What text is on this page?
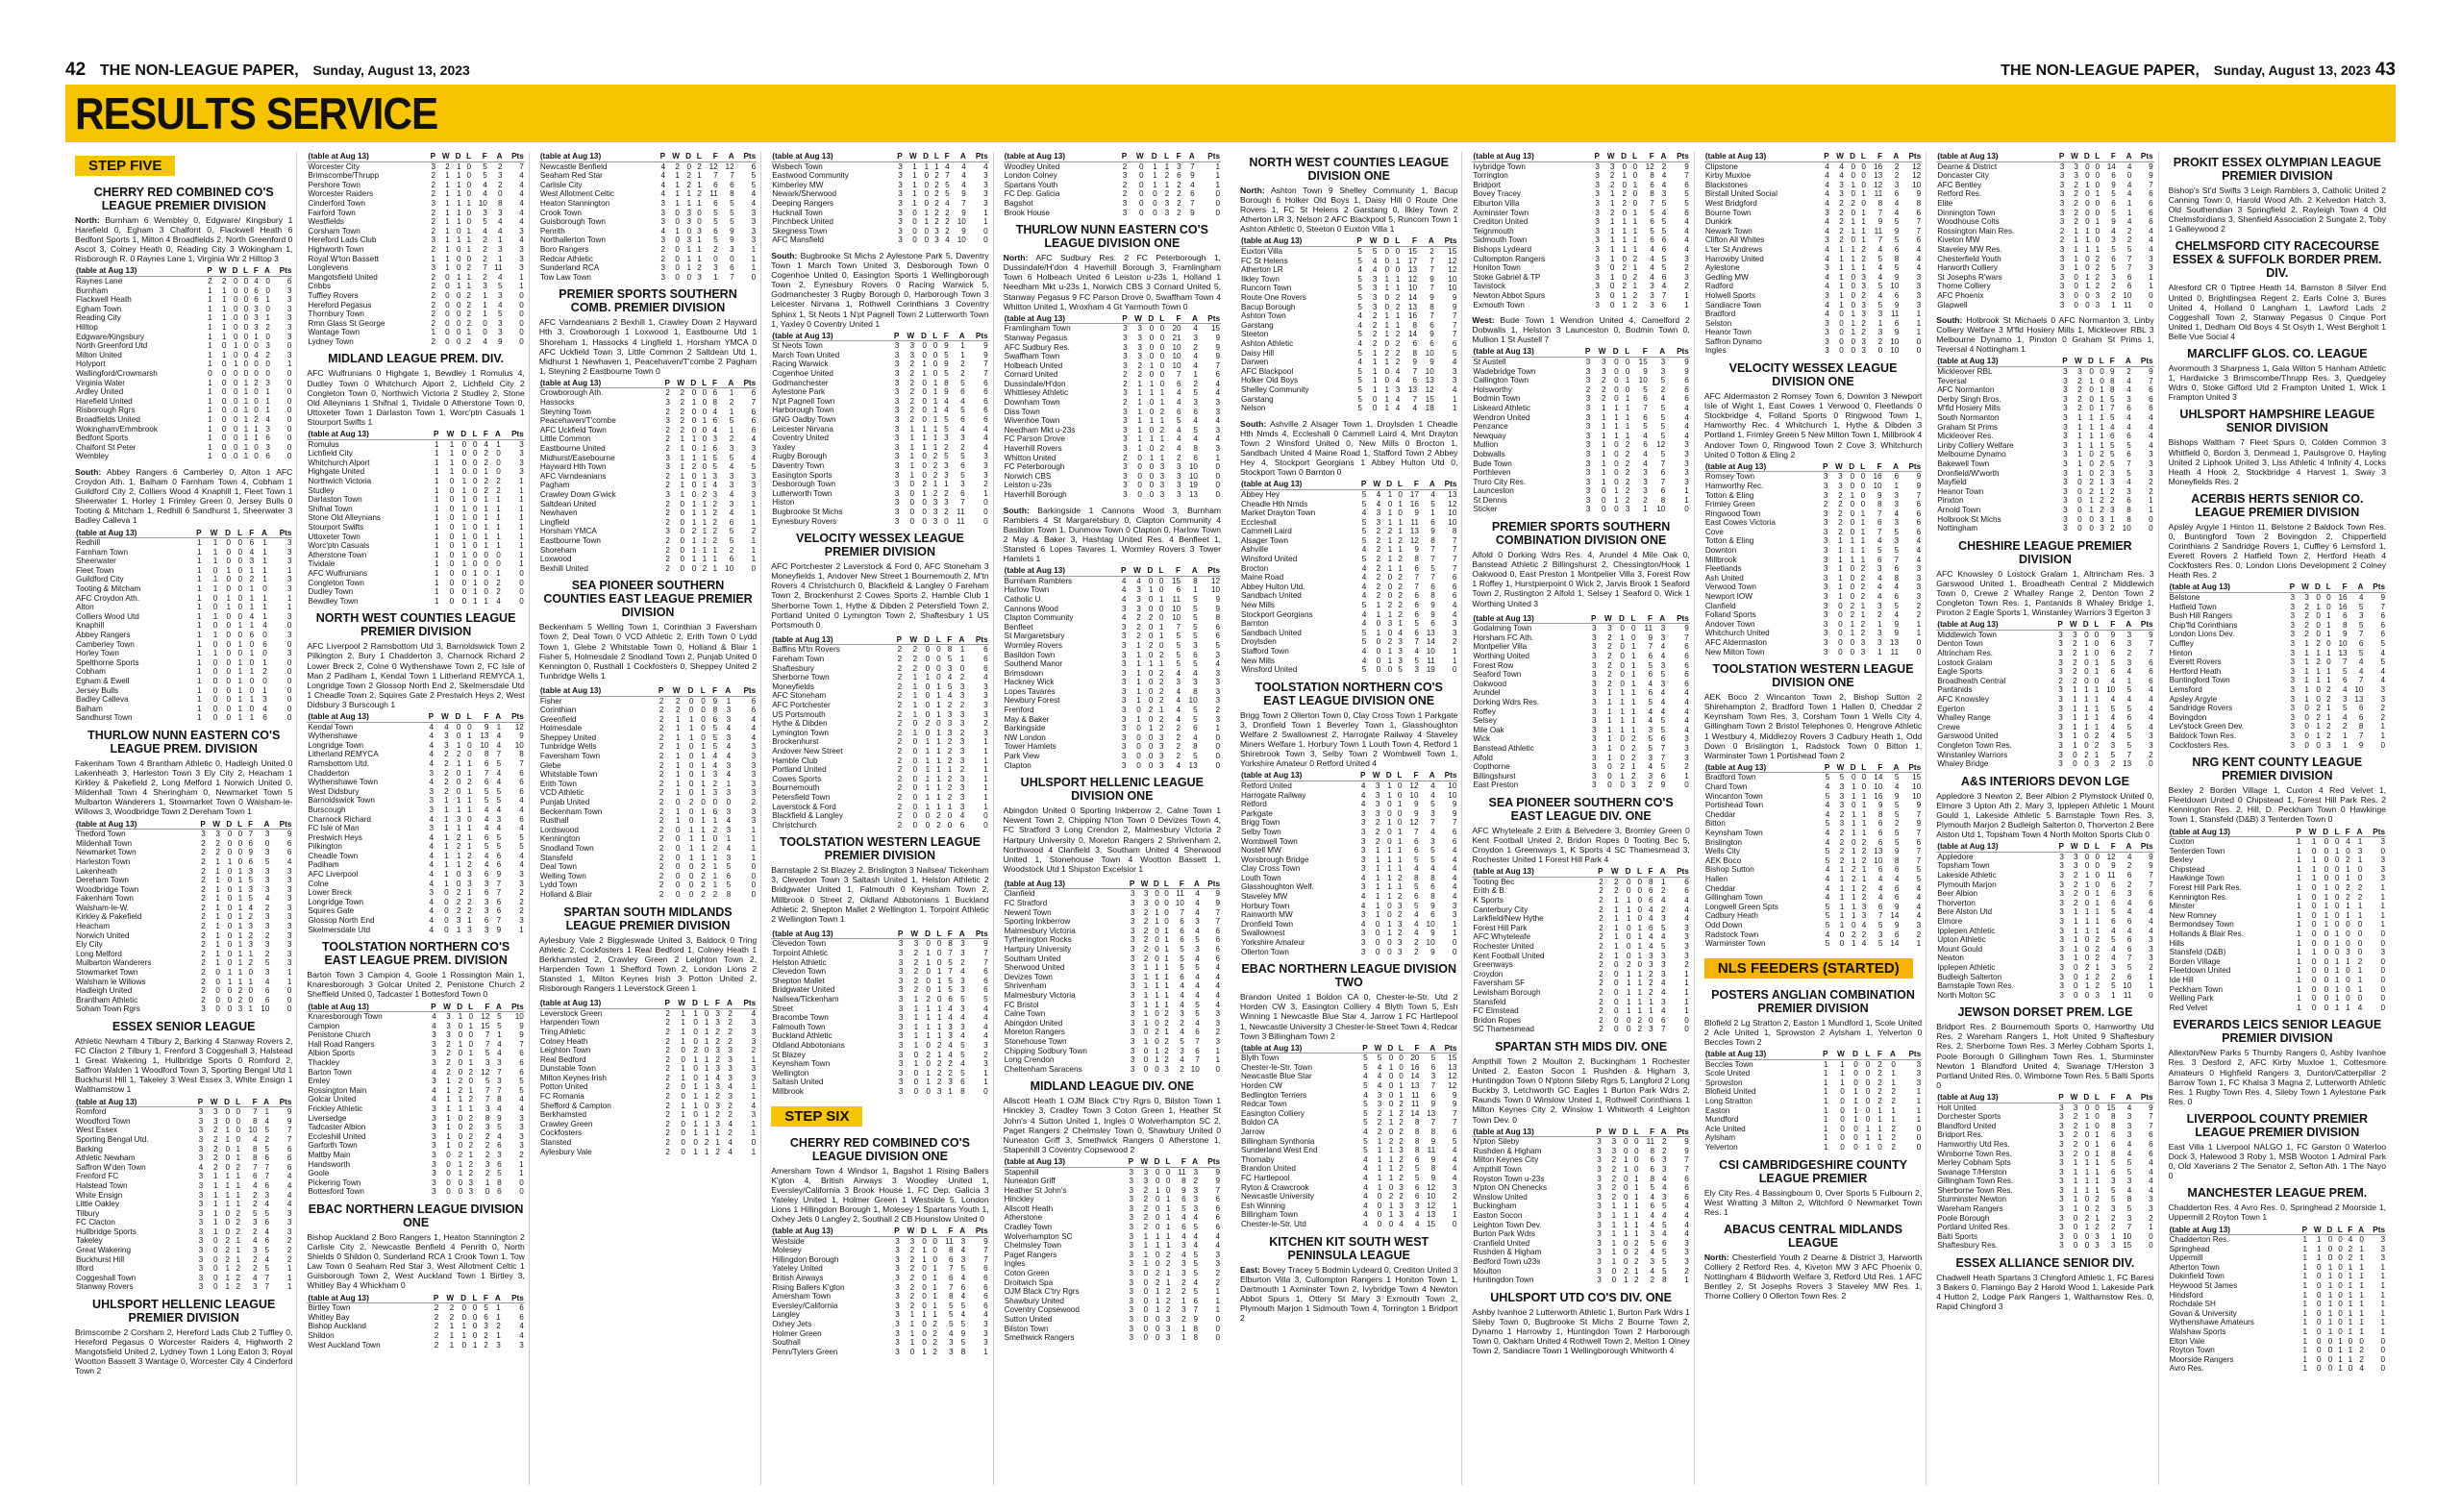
42 THE NON-LEAGUE PAPER, Sunday, August 13, 2023
RESULTS SERVICE
STEP FIVE
CHERRY RED COMBINED CO'S LEAGUE PREMIER DIVISION

North: Burnham 6 Wembley 0, Edgware/ Kingsbury 1 Harefield 0, Egham 3 Chalfont 0, Flackwell Heath 6 Bedfont Sports 1, Milton 4 Broadfields 2, North Greenford 0 Ascot 3, Colney Heath 0, Reading City 3 Wokingham 1, Risborough R. 0 Raynes Lane 1, Virginia Wtr 2 Hilltop 3

(table at Aug 13)	P	W	D	L	F	A	Pts
Raynes Lane	2	2	0	0	4	0	6
Burnham	1	1	0	0	6	0	3
Flackwell Heath	1	1	0	0	6	1	3
Egham Town	1	1	0	0	3	0	3
Reading City	1	1	0	0	3	1	3
Hilltop	1	1	0	0	3	2	3
Edgware/Kingsbury	1	1	0	0	1	0	3
North Greenford Utd	1	0	1	0	0	3	0
Milton United	1	1	0	0	4	2	3
Holyport	1	0	1	0	0	0	1
Wallingford/Crowmarsh	0	0	0	0	0	0	0
Virginia Water	1	0	0	1	2	3	0
Ardley United	1	0	0	1	0	1	0
Harefield United	1	0	0	1	0	1	0
Risborough Rgrs	1	0	0	1	0	1	0
Broadfields United	1	0	0	1	2	4	0
Wokingham/Emmbrook	1	0	0	1	1	3	0
Bedfont Sports	1	0	0	1	1	6	0
Chalfont St Peter	1	0	0	1	0	3	0
Wembley	1	0	0	1	0	6	0

South: Abbey Rangers 6 Camberley 0, Alton 1 AFC Croydon Ath. 1, Balham 0 Farnham Town 4, Cobham 1 Guildford City 2, Colliers Wood 4 Knaphill 1, Fleet Town 1 Sheerwater 1, Horley 1 Frimley Green 0, Jersey Bulls 0 Tooting & Mitcham 1, Redhill 6 Sandhurst 1, Sheerwater 3 Badley Calleva 1

(table at Aug 13)	P	W	D	L	F	A	Pts
Redhill	1	1	0	0	6	1	3
Farnham Town	1	1	0	0	4	1	3
Sheerwater	1	1	0	0	3	1	3
Fleet Town	1	0	1	0	1	1	1
Guildford City	1	1	0	0	2	1	3
Tooting & Mitcham	1	1	0	0	1	0	3
AFC Croydon Ath.	1	0	1	0	1	1	1
Alton	1	0	1	0	1	1	1
Colliers Wood Utd	1	1	0	0	4	1	3
Knaphill	1	0	0	1	1	4	0
Abbey Rangers	1	1	0	0	6	0	3
Camberley Town	1	0	0	1	0	6	0
Horley Town	1	1	0	0	1	0	3
Spelthorne Sports	1	0	0	1	0	1	0
Cobham	1	0	0	1	1	2	0
Egham & Ewell	1	0	0	1	0	0	0
Jersey Bulls	1	0	0	1	0	1	0
Badley Calleva	1	0	0	1	1	3	0
Balham	1	0	0	1	0	4	0
Sandhurst Town	1	0	0	1	1	6	0
THURLOW NUNN EASTERN CO'S LEAGUE PREM. DIVISION

Fakenham Town 4 Brantham Athletic 0, Hadleigh United 0 Lakenheath 3, Harleston Town 3 Ely City 2, Heacham 1 Kirkley & Pakefield 2, Long Melford 1 Norwich United 0, Mildenhall Town 4 Sheringham 0, Newmarket Town 5 Mulbarton Wanderers 1, Stowmarket Town 0 Walsham-le-Willows 3, Woodbridge Town 2 Dereham Town 1

(table at Aug 13)	P	W	D	L	F	A	Pts
Thetford Town	3	3	0	0	7	3	9
Mildenhall Town	2	2	0	0	6	0	6
Newmarket Town	2	2	0	0	9	3	6
Harleston Town	2	1	1	0	6	5	4
Lakenheath	2	1	0	1	3	3	3
Dereham Town	2	1	0	1	5	3	3
Woodbridge Town	2	1	0	1	3	3	3
Fakenham Town	2	1	0	1	5	4	3
Walsham-le-W.	2	1	0	1	4	2	3
Kirkley & Pakefield	2	1	0	1	2	3	3
Heacham	2	1	0	1	3	3	3
Norwich United	2	1	0	1	2	2	3
Ely City	2	1	0	1	3	3	3
Long Melford	2	1	0	1	1	2	3
Mulbarton Wanderers	2	1	0	1	2	5	3
Stowmarket Town	2	0	1	1	0	3	1
Walsham le Willows	2	0	1	1	1	4	1
Hadleigh United	2	0	0	2	0	6	0
Brantham Athletic	2	0	0	2	0	6	0
Soham Town Rgrs	3	0	0	3	1	10	0
ESSEX SENIOR LEAGUE

Athletic Newham 4 Tilbury 2, Barking 4 Stanway Rovers 2, FC Clacton 2 Tilbury 1, Frenford 3 Coggeshall 3, Halstead 1 Great Wakering 1, Hullbridge Sports 0 Romford 2, Saffron Walden 1 Woodford Town 3, Sporting Bengal Utd 1 Buckhurst Hill 1, Takeley 3 West Essex 3, White Ensign 1 Walthamstow 1

(table at Aug 13)	P	W	D	L	F	A	Pts
Romford	3	3	0	0	7	1	9
Woodford Town	3	3	0	0	8	4	9
West Essex	3	2	1	0	10	5	7
Sporting Bengal Utd.	3	2	1	0	4	2	7
Barking	3	2	0	1	8	5	6
Athletic Newham	3	2	0	1	8	6	6
Saffron W'den Town	4	2	0	2	7	7	6
Frenford FC	3	1	1	1	6	7	4
Halstead Town	3	1	1	1	4	6	4
White Ensign	3	1	1	1	2	3	4
Little Oakley	3	1	1	1	2	4	4
Tilbury	3	1	0	2	5	5	3
FC Clacton	3	1	0	2	3	6	3
Hullbridge Sports	3	1	0	2	2	4	3
Takeley	3	0	2	1	4	6	2
Great Wakering	3	0	2	1	3	5	2
Buckhurst Hill	3	0	2	1	2	4	2
Ilford	3	0	1	2	2	5	1
Coggeshall Town	3	0	1	2	4	7	1
Stanway Rovers	3	0	1	2	3	7	1
UHLSPORT HELLENIC LEAGUE PREMIER DIVISION

Brimscombe 2 Corsham 2, Hereford Lads Club 2 Tuffley 0, Hereford Pegasus 0 Worcester Raiders 4, Highworth 2 Mangotsfield United 2, Lydney Town 1 Long Eaton 3, Royal Wootton Bassett 3 Wantage 0, Worcester City 4 Cinderford Town 2

(table at Aug 13)	P	W	D	L	F	A	Pts
Worcester City	3	2	1	0	5	2	7
Brimscombe/Thrupp	2	1	1	0	5	3	4
Pershore Town	2	1	1	0	4	2	4
Worcester Raiders	2	1	1	0	4	0	4
Cinderford Town	3	1	1	1	10	8	4
Fairford Town	2	1	1	0	3	3	4
Westfields	2	1	1	0	5	4	4
Corsham Town	2	1	0	1	4	4	3
Hereford Lads Club	3	1	1	1	2	1	4
Highworth Town	2	1	0	1	2	3	3
Royal W'ton Bassett	1	1	0	0	2	1	3
Longlevens	3	1	0	2	7	11	3
Mangotsfield United	2	0	1	1	2	4	1
Cribbs	2	0	1	1	3	5	1
Tuffley Rovers	2	0	0	2	1	3	0
Hereford Pegasus	2	0	0	2	1	4	0
Thornbury Town	2	0	0	2	1	5	0
Rmn Glass St George	2	0	0	2	0	3	0
Wantage Town	1	0	0	1	0	3	0
Lydney Town	2	0	0	2	4	9	0
MIDLAND LEAGUE PREM. DIV.

AFC Wulfrunians 0 Highgate 1, Bewdley 1 Romulus 4, Dudley Town 0 Whitchurch Alport 2, Lichfield City 2 Congleton Town 0, Northwich Victoria 2 Studley 2, Stone Old Alleynians 1 Shifnal 1, Tividale 0 Atherstone Town 0, Uttoxeter Town 1 Darlaston Town 1, Worc'ptn Casuals 1 Stourport Swifts 1

(table at Aug 13)	P	W	D	L	F	A	Pts
Romulus	1	1	0	0	4	1	3
Lichfield City	1	1	0	0	2	0	3
Whitchurch Alport	1	1	0	0	2	0	3
Highgate United	1	1	0	0	1	0	3
Northwich Victoria	1	0	1	0	2	2	1
Studley	1	0	1	0	2	2	1
Darlaston Town	1	0	1	0	1	1	1
Shifnal Town	1	0	1	0	1	1	1
Stone Old Alleynians	1	0	1	0	1	1	1
Stourport Swifts	1	0	1	0	1	1	1
Uttoxeter Town	1	0	1	0	1	1	1
Worc'ptn Casuals	1	0	1	0	1	1	1
Atherstone Town	1	0	1	0	0	0	1
Tividale	1	0	1	0	0	0	1
AFC Wulfrunians	1	0	0	1	0	1	0
Congleton Town	1	0	0	1	0	2	0
Dudley Town	1	0	0	1	0	2	0
Bewdley Town	1	0	0	1	1	4	0
NORTH WEST COUNTIES LEAGUE PREMIER DIVISION

AFC Liverpool 2 Ramsbottom Utd 3, Barnoldswick Town 2 Pilkington 2, Bury 1 Chadderton 3, Charnock Richard 2 Lower Breck 2, Colne 0 Wythenshawe Town 2, FC Isle of Man 2 Padiham 1, Kendal Town 1 Litherland REMYCA 1, Longridge Town 2 Glossop North End 2, Skelmersdale Utd 1 Cheadle Town 2, Squires Gate 2 Prestwich Heys 2, West Didsbury 3 Burscough 1

(table at Aug 13)	P	W	D	L	F	A	Pts
Kendal Town	4	4	0	0	9	1	12
Wythenshawe	4	3	0	1	13	4	9
Longridge Town	4	3	1	0	10	4	10
Litherland REMYCA	4	2	2	0	8	7	8
Ramsbottom Utd.	4	2	1	1	6	5	7
Chadderton	3	2	0	1	7	4	6
Wythenshawe Town	4	2	0	2	6	4	6
West Didsbury	3	2	0	1	5	5	6
Barnoldswick Town	3	1	1	1	5	5	4
Burscough	3	1	1	1	4	4	4
Charnock Richard	4	1	3	0	4	3	6
FC Isle of Man	3	1	1	1	4	4	4
Prestwich Heys	4	1	2	1	6	5	5
Pilkington	4	1	2	1	5	5	5
Cheadle Town	4	1	1	2	4	6	4
Padiham	4	1	1	2	4	6	4
AFC Liverpool	4	1	0	3	6	9	3
Colne	4	1	0	3	3	7	3
Lower Breck	3	0	2	1	6	7	2
Longridge Town	4	0	2	2	3	6	2
Squires Gate	4	0	2	2	3	6	2
Glossop North End	4	0	3	1	6	7	3
Skelmersdale Utd	4	0	1	3	3	9	1
TOOLSTATION NORTHERN CO'S EAST LEAGUE PREM. DIVISION

Barton Town 3 Campion 4, Goole 1 Rossington Main 1, Knaresborough 3 Golcar United 2, Penistone Church 2 Sheffield United 0, Tadcaster 1 Bottesford Town 0

(table at Aug 13)	P	W	D	L	F	A	Pts
Knaresborough Town	4	3	1	0	12	5	10
Campion	4	3	0	1	15	5	9
Penistone Church	3	3	0	0	7	1	9
Hall Road Rangers	3	2	1	0	7	4	7
Albion Sports	3	2	0	1	5	4	6
Thackley	3	2	0	1	3	3	6
Barton Town	4	2	0	2	12	7	6
Emley	3	1	2	0	5	3	5
Rossington Main	4	1	2	1	7	7	5
Golcar United	4	1	1	2	7	8	4
Frickley Athletic	3	1	1	1	3	4	4
Liversedge	3	1	0	2	8	9	3
Tadcaster Albion	3	1	0	2	3	5	3
Eccleshill United	3	1	0	2	2	4	3
Garforth Town	3	1	0	2	2	6	3
Maltby Main	3	0	2	1	2	3	2
Handsworth	3	0	1	2	3	6	1
Goole	3	0	1	2	2	5	1
Pickering Town	3	0	0	3	1	8	0
Bottesford Town	3	0	0	3	0	6	0
EBAC NORTHERN LEAGUE DIVISION ONE

Bishop Auckland 2 Boro Rangers 1, Heaton Stannington 2 Carlisle City 2, Newcastle Benfield 4 Penrith 0, North Shields 0 Shildon 0, Sunderland RCA 1 Crook Town 1, Tow Law Town 0 Seaham Red Star 3, West Allotment Celtic 1 Guisborough Town 2, West Auckland Town 1 Birtley 3, Whitley Bay 4 Whickham 0

(table at Aug 13)	P	W	D	L	F	A	Pts
Birtley Town	2	2	0	0	5	1	6
Whitley Bay	2	2	0	0	6	1	6
Bishop Auckland	2	1	1	0	3	2	4
Shildon	2	1	1	0	2	1	4
West Auckland Town	2	1	0	1	2	3	3
(table at Aug 13)	P	W	D	L	F	A	Pts
Newcastle Benfield	4	2	0	2	12	12	6
Seaham Red Star	4	1	2	1	7	7	5
Carlisle City	4	1	2	1	6	6	5
West Allotment Celtic	4	1	1	2	11	8	4
Heaton Stannington	3	1	1	1	6	5	4
Crook Town	3	0	3	0	5	5	3
Guisborough Town	3	0	3	0	5	5	3
Penrith	4	1	0	3	6	9	3
Northallerton Town	3	0	3	1	5	9	3
Boro Rangers	2	0	1	1	2	3	1
Redcar Athletic	2	0	1	1	0	0	1
Sunderland RCA	3	0	1	2	3	6	1
Tow Law Town	3	0	0	3	1	7	0
PREMIER SPORTS SOUTHERN COMB. PREMIER DIVISION

AFC Varndeanians 2 Bexhill 1, Crawley Down 2 Hayward Hth 3, Crowborough 1 Loxwood 1, Eastbourne Utd 1 Shoreham 1, Hassocks 4 Lingfield 1, Horsham YMCA 0 AFC Uckfield Town 3, Little Common 2 Saltdean Utd 1, Midhurst 1 Newhaven 1, Peacehaven/T'combe 2 Pagham 1, Steyning 2 Eastbourne Town 0

(table at Aug 13)	P	W	D	L	F	A	Pts
Crowborough Ath.	2	2	0	0	6	1	6
Hassocks	3	2	1	0	8	2	7
Steyning Town	2	2	0	0	4	1	6
Peacehaven/T'combe	3	2	0	1	6	5	6
AFC Uckfield Town	2	2	0	0	4	1	6
Little Common	2	1	1	0	3	2	4
Eastbourne United	2	1	0	1	6	3	3
Midhurst/Easebourne	3	1	1	1	5	5	4
Hayward Hth Town	3	1	2	0	5	4	5
AFC Varndeanians	2	1	0	1	3	3	3
Pagham	2	1	0	1	4	3	3
Crawley Down G'wick	3	1	0	2	3	4	3
Saltdean United	2	0	1	1	2	3	1
Newhaven	2	0	1	1	2	4	1
Lingfield	2	0	1	1	2	6	1
Horsham YMCA	3	0	2	1	2	5	2
Eastbourne Town	2	0	1	1	2	5	1
Shoreham	2	0	1	1	1	2	1
Loxwood	2	0	1	1	1	6	1
Bexhill United	2	0	0	2	1	10	0
SEA PIONEER SOUTHERN COUNTIES EAST LEAGUE PREMIER DIVISION

Beckenham 5 Welling Town 1, Corinthian 3 Faversham Town 2, Deal Town 0 VCD Athletic 2, Erith Town 0 Lydd Town 1, Glebe 2 Whitstable Town 0, Holland & Blair 1 Fisher 5, Holmesdale 2 Snodland Town 2, Punjab United 0 Kennington 0, Rusthall 1 Cockfosters 0, Sheppey United 2 Tunbridge Wells 1

(table at Aug 13)	P	W	D	L	F	A	Pts
Fisher	2	2	0	0	9	1	6
Corinthian	2	2	0	0	8	3	6
Greenfield	2	1	1	0	6	3	4
Holmesdale	2	1	1	0	5	4	4
Sheppey United	2	1	1	0	5	3	4
Tunbridge Wells	2	1	0	1	5	4	3
Faversham Town	2	1	0	1	4	4	3
Glebe	2	1	0	1	4	3	3
Whitstable Town	2	1	0	1	3	4	3
Erith Town	2	1	0	1	2	1	3
VCD Athletic	2	1	0	1	3	3	3
Punjab United	2	0	2	0	0	0	2
Beckenham Town	2	1	0	1	6	3	3
Rusthall	2	1	0	1	1	4	3
Lordswood	2	0	1	1	2	3	1
Kennington	2	0	1	1	0	1	1
Snodland Town	2	0	1	1	2	4	1
Stansfeld	2	0	1	1	1	3	1
Deal Town	2	0	0	2	1	5	0
Welling Town	2	0	0	2	1	6	0
Lydd Town	2	0	0	2	1	5	0
Holland & Blair	2	0	0	2	2	8	0
SPARTAN SOUTH MIDLANDS LEAGUE PREMIER DIVISION

Aylesbury Vale 2 Biggleswade United 3, Baldock 0 Tring Athletic 2, Cockfosters 1 Real Bedford 1, Colney Heath 1 Berkhamsted 2, Crawley Green 2 Leighton Town 2, Harpenden Town 1 Shefford Town 2, London Lions 2 Stansted 1, Milton Keynes Irish 3 Potton United 2, Risborough Rangers 1 Leverstock Green 1

(table at Aug 13)	P	W	D	L	F	A	Pts
Leverstock Green	2	1	1	0	3	2	4
Harpenden Town	2	1	0	1	3	2	3
Tring Athletic	2	1	0	1	2	2	3
Colney Heath	2	1	0	1	2	2	3
Leighton Town	2	0	2	0	3	3	2
Real Bedford	2	0	1	1	2	3	1
Dunstable Town	2	1	0	1	3	3	3
Milton Keynes Irish	2	1	0	1	4	3	3
Potton United	2	0	1	1	3	4	1
FC Romania	2	0	1	1	2	3	1
Shefford & Campton	2	1	1	0	3	2	4
Berkhamsted	2	1	0	1	2	2	3
Crawley Green	2	0	1	1	3	4	1
Cockfosters	2	0	1	1	1	2	1
Stansted	2	0	0	2	1	4	0
Aylesbury Vale	2	0	1	1	2	4	1
(table at Aug 13)	P	W	D	L	F	A	Pts
Wisbech Town	3	1	1	1	4	4	4
Eastwood Community	3	1	0	2	7	4	3
Kimberley MW	3	1	0	2	5	4	3
Newark/Sherwood	3	1	0	2	5	9	3
Deeping Rangers	3	1	0	2	4	7	3
Hucknall Town	3	0	1	2	2	9	1
Pinchbeck United	3	0	1	2	2	10	1
Skegness Town	3	0	0	3	2	9	0
AFC Mansfield	3	0	0	3	4	10	0

South: Bugbrooke St Michs 2 Aylestone Park 5, Daventry Town 1 March Town United 3, Desborough Town 0 Cogenhoe United 0, Easington Sports 1 Wellingborough Town 2, Eynesbury Rovers 0 Racing Warwick 5, Godmanchester 3 Rugby Borough 0, Harborough Town 3 Leicester Nirvana 1, Rothwell Corinthians 3 Coventry Sphinx 1, St Neots 1 N'pt Pagnell Town 2 Lutterworth Town 1, Yaxley 0 Coventry United 1

(table at Aug 13)	P	W	D	L	F	A	Pts
St Neots Town	3	3	0	0	9	1	9
March Town United	3	3	0	0	5	1	9
Racing Warwick	3	2	1	0	9	2	7
Cogenhoe United	3	2	1	0	5	2	7
Godmanchester	3	2	0	1	8	5	6
Aylestone Park	3	2	0	1	9	6	6
N'pt Pagnell Town	3	2	0	1	4	4	6
Harborough Town	3	2	0	1	4	5	6
GNG Oadby Town	3	2	0	1	5	6	6
Leicester Nirvana	3	1	1	1	5	4	4
Coventry United	3	1	1	1	3	3	4
Yaxley	3	1	1	1	2	2	4
Rugby Borough	3	1	0	2	5	5	3
Daventry Town	3	1	0	2	3	6	3
Easington Sports	3	1	0	2	3	5	3
Desborough Town	3	0	2	1	1	3	2
Lutterworth Town	3	0	1	2	2	6	1
Histon	3	0	0	3	3	7	0
Bugbrooke St Michs	3	0	0	3	2	11	0
Eynesbury Rovers	3	0	0	3	0	11	0
VELOCITY WESSEX LEAGUE PREMIER DIVISION

AFC Portchester 2 Laverstock & Ford 0, AFC Stoneham 3 Moneyfields 1, Andover New Street 1 Bournemouth 2, M'tn Rovers 4 Christchurch 0, Blackfield & Langley 0 Fareham Town 2, Brockenhurst 2 Cowes Sports 2, Hamble Club 1 Sherborne Town 1, Hythe & Dibden 2 Petersfield Town 2, Portland United 0 Lymington Town 2, Shaftesbury 1 US Portsmouth 0

(table at Aug 13)	P	W	D	L	F	A	Pts
Baffins M'tn Rovers	2	2	0	0	8	1	6
Fareham Town	2	2	0	0	5	1	6
Shaftesbury	2	2	0	0	3	0	6
Sherborne Town	2	1	1	0	4	2	4
Moneyfields	2	1	0	1	5	3	3
AFC Stoneham	2	1	0	1	4	3	3
AFC Portchester	2	1	0	1	2	2	3
US Portsmouth	2	1	0	1	3	3	3
Hythe & Dibden	2	0	2	0	3	3	2
Lymington Town	2	1	0	1	3	2	3
Brockenhurst	2	0	1	1	2	3	1
Andover New Street	2	0	1	1	2	3	1
Hamble Club	2	0	1	1	2	3	1
Portland United	2	0	1	1	1	2	1
Cowes Sports	2	0	1	1	2	3	1
Bournemouth	2	0	1	1	2	3	1
Petersfield Town	2	0	1	1	2	3	1
Laverstock & Ford	2	0	1	1	1	3	1
Blackfield & Langley	2	0	0	2	0	4	0
Christchurch	2	0	0	2	0	6	0
TOOLSTATION WESTERN LEAGUE PREMIER DIVISION

Barnstaple 2 St Blazey 2, Brislington 3 Nailsea/ Tickenham 3, Clevedon Town 3 Saltash United 1, Helston Athletic 2 Bridgwater United 1, Falmouth 0 Keynsham Town 2, Millbrook 0 Street 2, Oldland Abbotonians 1 Buckland Athletic 2, Shepton Mallet 2 Wellington 1, Torpoint Athletic 2 Wellington Town 1

(table at Aug 13)	P	W	D	L	F	A	Pts
Clevedon Town	3	3	0	0	8	3	9
Torpoint Athletic	3	2	1	0	7	3	7
Helston Athletic	3	2	1	0	5	2	7
Clevedon Town	3	2	0	1	7	4	6
Shepton Mallet	3	2	0	1	5	3	6
Bridgwater United	3	2	0	1	5	3	6
Nailsea/Tickenham	3	1	2	0	6	5	5
Street	3	1	1	1	4	3	4
Bracombe Town	3	1	1	1	4	4	4
Falmouth Town	3	1	1	1	3	3	4
Buckland Athletic	3	1	1	1	3	4	4
Oldland Abbotonians	3	1	0	2	4	5	3
St Blazey	3	0	2	1	4	5	2
Keynsham Town	3	1	0	2	2	4	3
Wellington	3	0	1	2	2	5	1
Saltash United	3	0	1	2	3	6	1
Millbrook	3	0	0	3	1	8	0
STEP SIX
CHERRY RED COMBINED CO'S LEAGUE DIVISION ONE

Amersham Town 4 Windsor 1, Bagshot 1 Rising Ballers K'gton 4, British Airways 3 Woodley United 1, Eversley/California 3 Brook House 1, FC Dep. Galicia 3 Yateley United 1, Holmer Green 1 Westside 5, London Lions 1 Hillingdon Borough 1, Molesey 1 Spartans Youth 1, Oxhey Jets 0 Langley 2, Southall 2 CB Hounslow United 0

(table at Aug 13)	P	W	D	L	F	A	Pts
Westside	3	3	0	0	11	3	9
Molesey	3	2	1	0	8	4	7
Hillingdon Borough	3	2	1	0	6	3	7
Yateley United	3	2	0	1	7	5	6
British Airways	3	2	0	1	6	4	6
Rising Ballers K'gton	3	2	0	1	7	6	6
Amersham Town	3	2	0	1	8	4	6
Eversley/California	3	2	0	1	5	5	6
Langley	3	1	1	1	5	4	4
Oxhey Jets	3	1	0	2	5	5	3
Holmer Green	3	1	0	2	4	9	3
Southall	3	1	0	2	3	5	3
Penn/Tylers Green	3	0	1	2	3	8	1
(table at Aug 13)	P	W	D	L	F	A	Pts
Woodley United	2	0	1	1	3	7	1
London Colney	3	0	1	2	6	9	1
Spartans Youth	2	0	1	1	2	4	1
FC Dep. Galicia	2	0	0	2	2	6	0
Bagshot	3	0	0	3	2	7	0
Brook House	3	0	0	3	2	9	0
THURLOW NUNN EASTERN CO'S LEAGUE DIVISION ONE

North: AFC Sudbury Res. 2 FC Peterborough 1, Dussindale/H'don 4 Haverhill Borough 3, Framlingham Town 6 Holbeach United 6 Leiston u-23s 1, Holland 1 Needham Mkt u-23s 1, Norwich CBS 3 Cornard United 5, Stanway Pegasus 9 FC Parson Drove 0, Swaffham Town 4 Whitton United 1, Wroxham 4 Gt Yarmouth Town 0

(table at Aug 13)	P	W	D	L	F	A	Pts
Framlingham Town	3	3	0	0	20	4	15
Stanway Pegasus	3	3	0	0	21	3	9
AFC Sudbury Res.	3	3	0	0	10	2	9
Swaffham Town	3	3	0	0	10	4	9
Holbeach United	3	2	1	0	10	4	7
Cornard United	2	2	0	0	7	1	6
Dussindale/H'don	2	1	1	0	6	2	4
Whittlesey Athletic	3	1	1	1	4	5	4
Downham Town	2	1	0	1	4	3	3
Diss Town	3	1	0	2	6	6	3
Wivenhoe Town	3	1	1	1	5	4	4
Needham Mkt u-23s	3	1	0	2	4	5	3
FC Parson Drove	3	1	1	1	4	4	4
Haverhill Rovers	3	1	0	2	4	8	3
Whitton United	2	0	1	1	2	6	1
FC Peterborough	3	0	0	3	3	10	0
Norwich CBS	3	0	0	3	3	10	0
Leiston u-23s	3	0	0	3	3	19	0
Haverhill Borough	3	0	0	3	3	13	0

South: Barkingside 1 Cannons Wood 3, Burnham Ramblers 4 St Margaretsbury 0, Clapton Community 4 Basildon Town 1, Dunmow Town 0 Clapton 0, Harlow Town 2 May & Baker 3, Hashtag United Res. 4 Benfleet 1, Stansted 6 Lopes Tavares 1, Wormley Rovers 3 Tower Hamlets 1

(table at Aug 13)	P	W	D	L	F	A	Pts
Burnham Ramblers	4	4	0	0	15	8	12
Harlow Town	4	3	1	0	6	1	10
Catholic U	4	3	0	1	11	5	9
Cannons Wood	3	3	0	0	10	5	9
Clapton Community	4	2	2	0	10	5	8
Benfleet	3	2	0	1	7	5	6
St Margaretsbury	3	2	0	1	5	5	6
Wormley Rovers	3	1	2	0	5	3	5
Basildon Town	3	1	0	2	5	6	3
Southend Manor	3	1	1	1	5	5	4
Brimsdown	3	1	0	2	4	4	3
Hackney Wick	3	1	0	2	3	3	3
Lopes Tavares	3	1	0	2	4	8	3
Newbury Forest	3	1	0	2	4	10	3
Frenford	3	0	2	1	4	5	2
May & Baker	3	1	0	2	4	5	3
Barkingside	3	0	1	2	2	6	1
NW London	3	0	0	3	2	4	0
Tower Hamlets	3	0	0	3	2	8	0
Park View	3	0	0	3	2	5	0
Clapton	3	0	0	3	4	13	0
UHLSPORT HELLENIC LEAGUE DIVISION ONE

Abingdon United 0 Sporting Inkberrow 2, Calne Town 1 Newent Town 2, Chipping N'ton Town 0 Devizes Town 4, FC Stratford 3 Long Crendon 2, Malmesbury Victoria 2 Hartpury University 0, Moreton Rangers 2 Shrivenham 2, Northwood 4 Clanfield 3, Southam United 4 Sherwood United 1, Stonehouse Town 4 Wootton Bassett 1, Woodstock Utd 1 Shipston Excelsior 1

(table at Aug 13)	P	W	D	L	F	A	Pts
Clanfield	3	3	0	0	11	4	9
FC Stratford	3	3	0	0	10	4	9
Newent Town	3	2	1	0	7	4	7
Sporting Inkberrow	3	2	1	0	6	3	7
Malmesbury Victoria	3	2	0	1	6	4	6
Tytherington Rocks	3	2	0	1	6	5	6
Hartpury University	3	2	0	1	5	3	6
Southam United	3	2	0	1	5	4	6
Sherwood United	3	1	1	1	5	5	4
Devizes Town	3	1	1	1	6	4	4
Shrivenham	3	1	1	1	4	4	4
Malmesbury Victoria	3	1	1	1	4	4	4
FC Bristol	3	1	1	1	4	5	4
Calne Town	3	1	0	2	3	5	3
Abingdon United	3	1	0	2	2	4	3
Moreton Rangers	3	0	2	1	4	6	2
Stonehouse Town	3	1	0	2	5	7	3
Chipping Sodbury Town	3	0	1	2	3	6	1
Long Crendon	3	0	1	2	4	7	1
Cheltenham Saracens	3	0	0	3	2	10	0
MIDLAND LEAGUE DIV. ONE

Allscott Heath 1 OJM Black C'try Rgrs 0, Bilston Town 1 Hinckley 3, Cradley Town 3 Coton Green 1, Heather St John's 4 Sutton United 1, Ingles 0 Wolverhampton SC 2, Paget Rangers 2 Chelmsley Town 0, Shawbury United 0 Nuneaton Griff 3, Smethwick Rangers 0 Atherstone 1, Stapenhill 3 Coventry Copsewood 2

(table at Aug 13)	P	W	D	L	F	A	Pts
Stapenhill	3	3	0	0	11	3	9
Nuneaton Griff	3	3	0	0	8	2	9
Heather St John's	3	2	1	0	9	3	7
Hinckley	3	2	0	1	6	3	6
Allscott Heath	3	2	0	1	5	3	6
Atherstone	3	2	0	1	4	4	6
Cradley Town	3	2	0	1	6	5	6
Wolverhampton SC	3	1	1	1	4	4	4
Chelmsley Town	3	1	1	1	3	4	4
Paget Rangers	3	1	0	2	4	5	3
Ingles	3	1	0	2	3	5	3
Coton Green	3	0	2	1	3	5	2
Droitwich Spa	3	0	2	1	2	4	2
OJM Black C'try Rgrs	3	0	1	2	2	5	1
Shawbury United	3	0	1	2	1	6	1
Coventry Copsewood	3	0	1	2	3	7	1
Sutton United	3	0	0	3	2	9	0
Bilston Town	3	0	0	3	1	8	0
Smethwick Rangers	3	0	0	3	1	8	0
THE NON-LEAGUE PAPER, Sunday, August 13, 2023 43
NORTH WEST COUNTIES LEAGUE DIVISION ONE

North: Ashton Town 9 Shelley Community 1, Bacup Borough 6 Holker Old Boys 1, Daisy Hill 0 Route One Rovers 1, FC St Helens 2 Garstang 0, Ilkley Town 2 Atherton LR 3, Nelson 2 AFC Blackpool 5, Runcorn Town 1 Ashton Athletic 0, Steeton 0 Euxton Villa 1

(table at Aug 13)	P	W	D	L	F	A	Pts
Euxton Villa	5	5	0	0	15	2	15
FC St Helens	5	4	0	1	17	7	12
Atherton LR	4	4	0	0	13	7	12
Ilkley Town	5	3	1	1	12	9	10
Runcorn Town	5	3	1	1	10	7	10
Route One Rovers	5	3	0	2	14	9	9
Bacup Borough	5	3	0	2	13	8	9
Ashton Town	4	2	1	1	16	7	7
Garstang	4	2	1	1	8	6	7
Steeton	5	2	1	2	14	9	7
Ashton Athletic	4	2	0	2	6	6	6
Daisy Hill	5	1	2	2	8	10	5
Darwen	4	1	1	2	9	9	4
AFC Blackpool	5	1	0	4	7	10	3
Holker Old Boys	5	1	0	4	6	13	3
Shelley Community	5	1	1	3	13	12	4
Garstang	5	0	1	4	7	15	1
Nelson	5	0	1	4	4	18	1

South: Ashville 2 Alsager Town 1, Droylsden 1 Cheadle Hth Nmds 4, Eccleshall 0 Cammell Laird 4, Mnt Drayton Town 2 Winsford United 0, New Mills 0 Brocton 1, Sandbach United 4 Maine Road 1, Stafford Town 2 Abbey Hey 4, Stockport Georgians 1 Abbey Hulton Utd 0, Stockport Town 0 Barnton 0

(table at Aug 13)	P	W	D	L	F	A	Pts
Abbey Hey	5	4	1	0	17	4	13
Cheadle Hth Nmds	5	4	0	1	16	5	12
Market Drayton Town	4	3	1	0	9	1	10
Eccleshall	5	3	1	1	11	6	10
Cammell Laird	5	2	2	1	13	9	8
Alsager Town	5	2	1	2	12	8	7
Ashville	4	2	1	1	9	7	7
Winsford United	5	2	1	2	8	7	7
Brocton	4	2	1	1	6	5	7
Maine Road	4	2	0	2	7	7	6
Abbey Hulton Utd.	4	2	0	2	7	6	6
Sandbach United	4	2	0	2	6	8	6
New Mills	5	1	2	2	6	9	4
Stockport Georgians	4	1	1	2	6	9	4
Barnton	4	0	3	1	5	6	3
Sandbach United	5	1	0	4	6	13	3
Droylsden	5	0	2	3	7	14	2
Stafford Town	4	0	1	3	4	10	1
New Mills	4	0	1	3	5	11	1
Winsford United	5	0	0	5	3	19	0
TOOLSTATION NORTHERN CO'S EAST LEAGUE DIVISION ONE

Brigg Town 2 Ollerton Town 0, Clay Cross Town 1 Parkgate 3, Dronfield Town 1 Beverley Town 1, Glasshoughton Welfare 2 Swallownest 2, Harrogate Railway 4 Staveley Miners Welfare 1, Horbury Town 1 Louth Town 4, Retford 1 Shirebrook Town 3, Selby Town 2 Wombwell Town 1, Yorkshire Amateur 0 Retford United 4

(table at Aug 13)	P	W	D	L	F	A	Pts
Retford United	4	3	1	0	12	4	10
Harrogate Railway	4	3	1	0	10	4	10
Retford	4	3	0	1	9	5	9
Parkgate	3	3	0	0	9	3	9
Brigg Town	3	2	1	0	12	7	7
Selby Town	3	2	0	1	7	4	6
Wombwell Town	3	2	0	1	6	3	6
Nostell MW	3	1	1	1	6	5	4
Worsbrough Bridge	3	1	1	1	5	5	4
Clay Cross Town	3	1	1	1	4	4	4
Louth Town	4	1	1	2	8	8	4
Glasshoughton Welf.	3	1	1	1	5	6	4
Staveley MW	4	1	1	2	6	8	4
Horbury Town	4	1	0	3	5	9	3
Rainworth MW	3	1	0	2	4	6	3
Dronfield Town	4	0	1	3	4	10	1
Swallownest	3	0	1	2	4	9	1
Yorkshire Amateur	3	0	0	3	2	10	0
Ollerton Town	3	0	0	3	2	9	0
EBAC NORTHERN LEAGUE DIVISION TWO

Brandon United 1 Boldon CA 0, Chester-le-Str. Utd 2 Horden CW 3, Easington Colliery 4 Blyth Town 5, Esh Winning 1 Newcastle Blue Star 4, Jarrow 1 FC Hartlepool 1, Newcastle University 3 Chester-le-Street Town 4, Redcar Town 3 Billingham Town 2

(table at Aug 13)	P	W	D	L	F	A	Pts
Blyth Town	5	5	0	0	20	5	15
Chester-le-Str. Town	5	4	1	0	16	6	13
Newcastle Blue Star	4	4	0	0	14	3	12
Horden CW	5	4	0	1	13	7	12
Bedlington Terriers	4	3	0	1	11	6	9
Redcar Town	5	3	0	2	11	9	9
Easington Colliery	5	2	1	2	14	13	7
Boldon CA	5	2	1	2	8	7	7
Jarrow	4	2	0	2	8	8	6
Billingham Synthonia	5	1	2	2	8	9	5
Sunderland West End	5	1	1	3	8	11	4
Thornaby	4	1	1	2	6	9	4
Brandon United	4	1	1	2	5	8	4
FC Hartlepool	4	1	1	2	5	9	4
Ryton & Crawcrook	4	1	0	3	6	12	3
Newcastle University	4	0	2	2	6	10	2
Esh Winning	4	0	1	3	3	12	1
Billingham Town	4	0	1	3	4	13	1
Chester-le-Str. Utd	4	0	0	4	4	15	0
KITCHEN KIT SOUTH WEST PENINSULA LEAGUE

East: Bovey Tracey 5 Bodmin Lydeard 0, Crediton United 3 Elburton Villa 3, Cullompton Rangers 1 Honiton Town 1, Dartmouth 1 Axminster Town 2, Ivybridge Town 4 Newton Abbot Spurs 1, Ottery St Mary 3 Exmouth Town 2, Plymouth Marjon 1 Sidmouth Town 4, Torrington 1 Bridport 2

(table at Aug 13)	P	W	D	L	F	A	Pts
Ivybridge Town	3	3	0	0	12	2	9
Torrington	3	2	1	0	8	4	7
Bridport	3	2	0	1	6	4	6
Bovey Tracey	3	1	2	0	8	3	5
Elburton Villa	3	1	2	0	7	5	5
Axminster Town	3	2	0	1	5	4	6
Crediton United	3	1	1	1	6	5	4
Teignmouth	3	1	1	1	5	5	4
Sidmouth Town	3	1	1	1	6	6	4
Bishops Lydeard	3	1	1	1	4	6	4
Cullompton Rangers	3	1	0	2	4	5	3
Honiton Town	3	0	2	1	4	5	2
Stoke Gabriel & TP	3	1	0	2	4	6	3
Tavistock	3	0	2	1	3	4	2
Newton Abbot Spurs	3	0	1	2	3	7	1
Exmouth Town	3	0	1	2	3	6	1

West: Bude Town 1 Wendron United 4, Camelford 2 Dobwalls 1, Helston 3 Launceston 0, Bodmin Town 0, Mullion 1 St Austell 7

(table at Aug 13)	P	W	D	L	F	A	Pts
St Austell	3	3	0	0	15	3	9
Wadebridge Town	3	3	0	0	9	3	9
Callington Town	3	2	0	1	10	5	6
Holsworthy	2	2	0	0	5	2	6
Bodmin Town	3	2	0	1	6	4	6
Liskeard Athletic	3	1	1	1	7	5	4
Wendron United	3	1	1	1	6	5	4
Penzance	3	1	1	1	5	5	4
Newquay	3	1	1	1	4	5	4
Mullion	3	1	0	2	6	12	3
Dobwalls	3	1	0	2	4	5	3
Bude Town	3	1	0	2	4	7	3
Porthleven	3	1	0	2	3	6	3
Truro City Res.	3	1	0	2	3	7	3
Launceston	3	0	1	2	3	6	1
St Dennis	3	0	1	2	2	8	1
Sticker	3	0	0	3	1	10	0
PREMIER SPORTS SOUTHERN COMBINATION DIVISION ONE

Alfold 0 Dorking Wdrs Res. 4, Arundel 4 Mile Oak 0, Banstead Athletic 2 Billingshurst 2, Chessington/Hook 1 Oakwood 0, East Preston 1 Montpelier Villa 3, Forest Row 1 Roffey 1, Hurstpierpoint 0 Wick 2, Jarvis Brook 1 Seaford Town 2, Rustington 2 Alfold 1, Selsey 1 Seaford 0, Wick 1 Worthing United 3

(table at Aug 13)	P	W	D	L	F	A	Pts
Godalming Town	3	3	0	0	11	3	9
Horsham FC Ath.	3	2	1	0	9	3	7
Montpelier Villa	3	2	0	1	7	4	6
Worthing United	3	2	0	1	6	4	6
Forest Row	3	2	0	1	5	3	6
Seaford Town	3	2	0	1	6	5	6
Oakwood	3	2	0	1	4	3	6
Arundel	3	1	1	1	6	4	4
Dorking Wdrs Res.	3	1	1	1	5	4	4
Roffey	3	1	1	1	4	4	4
Selsey	3	1	1	1	4	5	4
Mile Oak	3	1	1	1	3	5	4
Wick	3	1	0	2	5	6	3
Banstead Athletic	3	1	0	2	5	7	3
Alfold	3	1	0	2	3	7	3
Copthorne	3	0	2	1	4	5	2
Billingshurst	3	0	1	2	3	6	1
East Preston	3	0	0	3	2	9	0
SEA PIONEER SOUTHERN CO'S EAST LEAGUE DIV. ONE

AFC Whyteleafe 2 Erith & Belvedere 3, Bromley Green 0 Kent Football United 2, Bridon Ropes 0 Tooting Bec 5, Croydon 1 Greenways 1, K Sports 4 SC Thamesmead 3, Rochester United 1 Forest Hill Park 4

(table at Aug 13)	P	W	D	L	F	A	Pts
Tooting Bec	2	2	0	0	8	1	6
Erith & B.	2	2	0	0	6	2	6
K Sports	2	1	1	0	6	4	4
Canterbury City	2	1	1	0	4	2	4
Larkfield/New Hythe	2	1	1	0	4	3	4
Forest Hill Park	2	1	0	1	6	5	3
AFC Whyteleafe	2	1	0	1	4	4	3
Rochester United	2	1	0	1	4	5	3
Kent Football United	2	1	0	1	3	3	3
Greenways	2	0	2	0	3	3	2
Croydon	2	0	1	1	2	3	1
Faversham SF	2	0	1	1	2	4	1
Lewisham Borough	2	0	1	1	2	4	1
Stansfeld	2	0	1	1	1	3	1
FC Elmstead	2	0	1	1	1	4	1
Bridon Ropes	2	0	0	2	0	6	0
SC Thamesmead	2	0	0	2	3	7	0
SPARTAN STH MIDS DIV. ONE

Ampthill Town 2 Moulton 2, Buckingham 1 Rochester United 2, Easton Socon 1 Rushden & Higham 3, Huntingdon Town 0 N'ptonn Sileby Rgrs 5, Langford 2 Long Buckby 3, Letchworth GC Eagles 1 Burton Park Wdrs 2, Raunds Town 0 Winslow United 1, Rothwell Corinthians 1 Milton Keynes City 2, Winslow 1 Whitworth 4 Leighton Town Dev. 0

(table at Aug 13)	P	W	D	L	F	A	Pts
N'pton Sileby	3	3	0	0	11	2	9
Rushden & Higham	3	3	0	0	8	2	9
Milton Keynes City	3	2	1	0	6	3	7
Ampthill Town	3	2	1	0	6	3	7
Royston Town u-23s	3	2	0	1	8	4	6
N'pton ON Chenecks	3	2	0	1	5	4	6
Winslow United	3	2	0	1	4	3	6
Buckingham	3	1	1	1	6	5	4
Easton Socon	3	1	1	1	4	4	4
Leighton Town Dev.	3	1	1	1	4	5	4
Burton Park Wdrs	3	1	1	1	3	4	4
Cranfield United	3	1	0	2	5	6	3
Rushden & Higham	3	1	0	2	4	5	3
Bedford Town u23s	3	1	0	2	3	5	3
Moulton	3	0	2	1	4	5	2
Huntingdon Town	3	0	1	2	2	8	1
UHLSPORT UTD CO'S DIV. ONE

Ashby Ivanhoe 2 Lutterworth Athletic 1, Burton Park Wdrs 1 Sileby Town 0, Bugbrooke St Michs 2 Bourne Town 2, Dynamo 1 Harrowby 1, Huntingdon Town 2 Harborough Town 0, Oakham United 4 Rothwell Town 2, Melton 1 Olney Town 2, Sandiacre Town 1 Wellingborough Whitworth 4

(table at Aug 13)	P	W	D	L	F	A	Pts
Clipstone	4	4	0	0	16	2	12
Kirby Muxloe	4	4	0	0	13	2	12
Blackstones	4	3	1	0	12	3	10
Birstall United Social	4	3	0	1	11	6	9
West Bridgford	4	2	2	0	8	4	8
Bourne Town	3	2	0	1	7	4	6
Dunkirk	4	2	1	1	9	5	7
Newark Town	4	2	1	1	11	9	7
Clifton All Whites	3	2	0	1	7	5	6
L'ter St Andrews	4	1	1	2	4	6	4
Harrowby United	4	1	1	2	5	8	4
Aylestone	3	1	1	1	4	5	4
Gedling MW	4	1	0	3	4	9	3
Radford	4	1	0	3	5	10	3
Holwell Sports	3	1	0	2	4	6	3
Sandiacre Town	4	1	0	3	5	9	3
Bradford	4	0	1	3	3	11	1
Selston	3	0	1	2	1	6	1
Heanor Town	3	0	1	2	3	9	1
Saffron Dynamo	3	0	0	3	2	10	0
Ingles	3	0	0	3	0	10	0
VELOCITY WESSEX LEAGUE DIVISION ONE

AFC Aldermaston 2 Romsey Town 6, Downton 3 Newport Isle of Wight 1, East Cowes 1 Verwood 0, Fleetlands 0 Stockbridge 4, Folland Sports 0 Ringwood Town 1, Hamworthy Rec. 4 Whitchurch 1, Hythe & Dibden 3 Portland 1, Frimley Green 5 New Milton Town 1, Millbrook 4 Andover Town 0, Ringwood Town 2 Cove 3, Whitchurch United 0 Totton & Eling 2

(table at Aug 13)	P	W	D	L	F	A	Pts
Romsey Town	3	3	0	0	16	6	9
Hamworthy Rec.	3	3	0	0	10	1	9
Totton & Eling	3	2	1	0	9	3	7
Frimley Green	2	2	0	0	8	3	6
Ringwood Town	3	2	0	1	7	4	6
East Cowes Victoria	3	2	0	1	6	3	6
Cove	3	2	0	1	7	5	6
Totton & Eling	3	1	1	1	4	3	4
Downton	3	1	1	1	5	5	4
Millbrook	3	1	1	1	6	7	4
Fleetlands	3	1	0	2	3	6	3
Ash United	3	1	0	2	4	8	3
Verwood Town	3	1	0	2	4	4	3
Newport IOW	3	1	0	2	4	6	3
Clanfield	3	0	2	1	3	5	2
Folland Sports	3	0	2	1	2	4	2
Andover Town	3	0	1	2	1	9	1
Whitchurch United	3	0	1	2	3	9	1
AFC Aldermaston	3	0	0	3	3	13	0
New Milton Town	3	0	0	3	1	11	0
TOOLSTATION WESTERN LEAGUE DIVISION ONE

AEK Boco 2 Wincanton Town 2, Bishop Sutton 2 Shirehampton 2, Bradford Town 1 Hallen 0, Cheddar 2 Keynsham Town Res. 3, Corsham Town 1 Wells City 4, Gillingham Town 2 Bristol Telephones 0, Hengrove Athletic 1 Westbury 4, Middlezoy Rovers 3 Cadbury Heath 1, Odd Down 0 Brislington 1, Radstock Town 0 Bitton 1, Warminster Town 1 Portishead Town 2

(table at Aug 13)	P	W	D	L	F	A	Pts
Bradford Town	5	5	0	0	14	5	15
Chard Town	4	3	1	0	10	4	10
Wincanton Town	5	3	1	1	16	9	10
Portishead Town	4	3	0	1	9	5	9
Cheddar	4	2	1	1	8	5	7
Bitton	5	3	1	1	6	2	9
Keynsham Town	4	2	1	1	6	5	7
Brislington	4	2	0	2	6	5	6
Wells City	5	2	1	2	13	9	7
AEK Boco	5	2	1	2	10	8	7
Bishop Sutton	4	1	2	1	6	6	5
Hallen	4	1	2	1	4	4	5
Cheddar	4	1	1	2	4	6	4
Gillingham Town	4	1	1	2	4	6	4
Longwell Green Spts	5	1	1	3	6	9	4
Cadbury Heath	5	1	1	3	7	14	4
Odd Down	5	1	0	4	5	9	3
Radstock Town	4	0	2	2	3	6	2
Warminster Town	5	0	1	4	5	14	1
NLS FEEDERS (STARTED)
POSTERS ANGLIAN COMBINATION PREMIER DIVISION

Blofield 2 Lg Stratton 2, Easton 1 Mundford 1, Scole United 2 Acle United 1, Sprowston 2 Aylsham 1, Yelverton 0 Beccles Town 2

(table at Aug 13)	P	W	D	L	F	A	Pts
Beccles Town	1	1	0	0	2	0	3
Scole United	1	1	0	0	2	1	3
Sprowston	1	1	0	0	2	1	3
Blofield United	1	0	1	0	2	2	1
Long Stratton	1	0	1	0	2	2	1
Easton	1	0	1	0	1	1	1
Mundford	1	0	1	0	1	1	1
Acle United	1	0	0	1	1	2	0
Aylsham	1	0	0	1	1	2	0
Yelverton	1	0	0	1	0	2	0
CSI CAMBRIDGESHIRE COUNTY LEAGUE PREMIER

Ely City Res. 4 Bassingbourn 0, Over Sports 5 Fulbourn 2, West Wratting 3 Milton 2, Witchford 0 Newmarket Town Res. 1

ABACUS CENTRAL MIDLANDS LEAGUE

North: Chesterfield Youth 2 Dearne & District 3, Harworth Colliery 2 Retford Res. 4, Kiveton MW 3 AFC Phoenix 0, Nottingham 4 Blidworth Welfare 3, Retford Utd Res. 1 AFC Bentley 2, St Josephs Rovers 3 Staveley MW Res. 1, Thorne Colliery 0 Ollerton Town Res. 2

(table at Aug 13)	P	W	D	L	F	A	Pts
Dearne & District	3	3	0	0	14	4	9
Doncaster City	3	3	0	0	6	0	9
AFC Bentley	3	2	1	0	9	4	7
Retford Res.	3	2	0	1	5	4	6
Elite	3	2	0	0	6	1	6
Dinnington Town	3	2	0	0	5	1	6
Woodhouse Colts	3	2	0	1	9	4	6
Rossington Main Res.	2	1	1	0	4	2	4
Kiveton MW	2	1	1	0	3	2	4
Staveley MW Res.	3	1	1	1	5	5	4
Chesterfield Youth	3	1	0	2	6	7	3
Harworth Colliery	3	1	0	2	5	7	3
St Josephs R'wars	3	0	1	2	3	6	1
Thorne Colliery	3	0	1	2	2	6	1
AFC Phoenix	3	0	0	3	2	10	0
Glapwell	3	0	0	3	1	11	0

South: Holbrook St Michaels 0 AFC Normanton 3, Linby Colliery Welfare 3 M'fld Hosiery Mills 1, Mickleover RBL 3 Melbourne Dynamo 1, Pinxton 0 Graham St Prims 1, Teversal 4 Nottingham 1

(table at Aug 13)	P	W	D	L	F	A	Pts
Mickleover RBL	3	3	0	0	9	2	9
Teversal	3	2	1	0	8	4	7
AFC Normanton	3	2	0	1	8	4	6
Derby Singh Bros.	3	2	0	1	5	3	6
M'fld Hosiery Mills	3	2	0	1	7	6	6
South Normanton	3	1	1	1	5	4	4
Graham St Prims	3	1	1	1	4	4	4
Mickleover Res.	3	1	1	1	6	6	4
Linby Colliery Welfare	3	1	1	1	5	5	4
Melbourne Dynamo	3	1	0	2	5	6	3
Bakewell Town	3	1	0	2	5	7	3
Dronfield/W'worth	3	1	0	2	3	5	3
Mayfield	3	0	2	1	3	4	2
Heanor Town	3	0	2	1	2	3	2
Pinxton	3	0	1	2	2	6	1
Arnold Town	3	0	1	2	3	8	1
Holbrook St Michs	3	0	0	3	1	8	0
Nottingham	3	0	0	3	2	10	0
CHESHIRE LEAGUE PREMIER DIVISION

AFC Knowsley 0 Lostock Gralam 1, Altrincham Res. 3 Garswood United 1, Broadheath Central 2 Middlewich Town 0, Crewe 2 Whalley Range 2, Denton Town 2 Congleton Town Res. 1, Pantanids 8 Whaley Bridge 1, Pinxton 2 Eagle Sports 1, Winstanley Warriors 3 Egerton 3

(table at Aug 13)	P	W	D	L	F	A	Pts
Middlewich Town	3	3	0	0	9	3	9
Denton Town	3	2	1	0	6	3	7
Altrincham Res.	3	2	1	0	6	2	7
Lostock Gralam	3	2	0	1	5	3	6
Eagle Sports	3	2	0	1	6	4	6
Broadheath Central	2	2	0	0	4	1	6
Pantanids	3	1	1	1	10	5	4
AFC Knowsley	3	1	1	1	4	4	4
Egerton	3	1	1	1	5	5	4
Whalley Range	3	1	1	1	4	6	4
Crewe	3	1	1	1	4	5	4
Garswood United	3	1	0	2	4	5	3
Congleton Town Res.	3	1	0	2	3	5	3
Winstanley Warriors	3	0	2	1	5	7	2
Whaley Bridge	3	0	0	3	2	13	0
A&S INTERIORS DEVON LGE

Appledore 3 Newton 2, Beer Albion 2 Plymstock United 0, Elmore 3 Upton Ath 2, Mary 3, Ipplepen Athletic 1 Mount Gould 1, Lakeside Athletic 5 Barnstaple Town Res. 3, Plymouth Marjon 2 Budleigh Salterton 0, Thorverton 2 Bere Alston Utd 1, Topsham Town 4 North Molton Sports Club 0

(table at Aug 13)	P	W	D	L	F	A	Pts
Appledore	3	3	0	0	12	4	9
Topsham Town	3	3	0	0	9	2	9
Lakeside Athletic	3	2	1	0	11	6	7
Plymouth Marjon	3	2	1	0	6	2	7
Beer Albion	3	2	0	1	6	3	6
Thorverton	3	2	0	1	6	4	6
Bere Alston Utd	3	1	1	1	5	4	4
Elmore	3	1	1	1	6	6	4
Ipplepen Athletic	3	1	1	1	4	4	4
Upton Athletic	3	1	0	2	5	6	3
Mount Gould	3	1	0	2	4	6	3
Newton	3	1	0	2	4	7	3
Ipplepen Athletic	3	0	2	1	3	5	2
Budleigh Salterton	3	0	1	2	2	6	1
Barnstaple Town Res.	3	0	1	2	5	10	1
North Molton SC	3	0	0	3	1	11	0
JEWSON DORSET PREM. LGE

Bridport Res. 2 Bournemouth Sports 0, Hamworthy Utd Res. 2 Wareham Rangers 1, Holt United 9 Shaftesbury Res. 2, Sherborne Town Res. 3 Merley Cobham Sports 1, Poole Borough 0 Gillingham Town Res. 1, Sturminster Newton 1 Blandford United 4, Swanage T/Herston 3 Portland United Res. 0, Wimborne Town Res. 5 Balti Sports 0

(table at Aug 13)	P	W	D	L	F	A	Pts
Holt United	3	3	0	0	15	4	9
Dorchester Sports	3	2	1	0	8	3	7
Blandford United	3	2	1	0	8	3	7
Bridport Res.	3	2	0	1	6	3	6
Hamworthy Utd Res.	3	2	0	1	6	4	6
Wimborne Town Res.	3	2	0	1	8	4	6
Merley Cobham Spts	3	1	1	1	5	5	4
Swanage T/Herston	3	1	1	1	6	5	4
Gillingham Town Res.	3	1	1	1	3	3	4
Sherborne Town Res.	3	1	1	1	5	4	4
Sturminster Newton	3	1	0	2	5	8	3
Wareham Rangers	3	1	0	2	3	5	3
Poole Borough	3	0	2	1	2	3	2
Portland United Res.	3	0	1	2	2	7	1
Balti Sports	3	0	0	3	1	10	0
Shaftesbury Res.	3	0	0	3	3	15	0
ESSEX ALLIANCE SENIOR DIV.

Chadwell Heath Spartans 3 Chingford Athletic 1, FC Baresi 3 Bakers 0, Flamingo Bay 2 Harold Wood 1, Lakeside Park 4 Hutton 2, Lodge Park Rangers 1, Walthamstow Res. 0, Rapid Chingford 3

PROKIT ESSEX OLYMPIAN LEAGUE PREMIER DIVISION

Bishop's St'd Swifts 3 Leigh Ramblers 3, Catholic United 2 Canning Town 0, Harold Wood Ath. 2 Kelvedon Hatch 3, Old Southendian 3 Springfield 2, Rayleigh Town 4 Old Chelmsfordians 3, Shenfield Association 2 Sungate 2, Toby 1 Galleywood 2

CHELMSFORD CITY RACECOURSE ESSEX & SUFFOLK BORDER PREM. DIV.

Alresford CR 0 Tiptree Heath 14, Barnston 8 Silver End United 0, Brightlingsea Regent 2, Earls Colne 3, Bures United 4, Holland 0 Langham 1, Lawford Lads 2 Coggeshall Town 2, Stanway Pegasus 0 Cinque Port United 1, Dedham Old Boys 4 St Osyth 1, West Bergholt 1 Belle Vue Social 4

MARCLIFF GLOS. CO. LEAGUE

Avonmouth 3 Sharpness 1, Gala Wilton 5 Hanham Athletic 1, Hardwicke 3 Brimscombe/Thrupp Res. 3, Quedgeley Wdrs 0, Stoke Gifford Utd 2 Frampton United 1, Wick 1 Frampton United 3

UHLSPORT HAMPSHIRE LEAGUE SENIOR DIVISION

Bishops Waltham 7 Fleet Spurs 0, Colden Common 3 Whitfield 0, Bordon 3, Denmead 1, Paulsgrove 0, Hayling United 2 Liphook United 3, Liss Athletic 4 Infinity 4, Locks Heath 4 Hook 2, Stockbridge 4 Harvest 1, Sway 3 Moneyfields Res. 2

ACERBIS HERTS SENIOR CO. LEAGUE PREMIER DIVISION

Apsley Argyle 1 Hinton 11, Belstone 2 Baldock Town Res. 0, Buntingford Town 2 Bovingdon 2, Chipperfield Corinthians 2 Sandridge Rovers 1, Cuffley 6 Lemsford 1, Everett Rovers 2 Hatfield Town 2, Hertford Heath 4 Cockfosters Res. 0, London Lions Development 2 Colney Heath Res. 2

(table at Aug 13)	P	W	D	L	F	A	Pts
Belstone	3	3	0	0	16	4	9
Hatfield Town	3	2	1	0	16	5	7
Bush Hill Rangers	3	2	0	1	6	3	6
Chip'fld Corinthians	3	2	0	1	8	5	6
London Lions Dev.	3	2	0	1	9	7	6
Cuffley	3	1	2	0	10	6	5
Hinton	3	1	1	1	13	5	4
Everett Rovers	3	1	2	0	7	4	5
Hertford Heath	3	1	1	1	5	4	4
Buntingford Town	3	1	1	1	6	7	4
Lemsford	3	1	0	2	4	10	3
Apsley Argyle	3	1	0	2	3	13	3
Sandridge Rovers	3	0	2	1	5	6	2
Bovingdon	3	0	2	1	4	6	2
Lev'stock Green Dev.	3	0	1	2	2	8	1
Baldock Town Res.	3	0	1	2	1	7	1
Cockfosters Res.	3	0	0	3	1	9	0
NRG KENT COUNTY LEAGUE PREMIER DIVISION

Bexley 2 Borden Village 1, Cuxton 4 Red Velvet 1, Fleetdown United 0 Chipstead 1, Forest Hill Park Res. 2 Kennington Res. 2, Hill, D. Peckham Town 0 Hawkinge Town 1, Stansfeld (D&B) 3 Tenterden Town 0

(table at Aug 13)	P	W	D	L	F	A	Pts
Cuxton	1	1	0	0	4	1	3
Tenterden Town	1	0	0	1	0	3	0
Bexley	1	1	0	0	2	1	3
Chipstead	1	1	0	0	1	0	3
Hawkinge Town	1	1	0	0	1	0	3
Forest Hill Park Res.	1	0	1	0	2	2	1
Kennington Res.	1	0	1	0	2	2	1
Minster	1	0	1	0	1	1	1
New Romney	1	0	1	0	1	1	1
Bermondsey Town	1	0	1	0	0	0	1
Hollands & Blair Res.	1	0	0	1	0	0	0
Hills	1	0	0	1	0	0	0
Stansfeld (D&B)	1	1	0	0	3	0	3
Borden Village	1	0	0	1	1	2	0
Fleetdown United	1	0	0	1	0	1	0
Ide Hill	1	0	0	1	0	1	0
Peckham Town	1	0	0	1	0	1	0
Welling Park	1	0	0	1	0	0	0
Red Velvet	1	0	0	1	1	4	0
EVERARDS LEICS SENIOR LEAGUE PREMIER DIVISION

Allexton/New Parks 5 Thurnby Rangers 0, Ashby Ivanhoe Res. 3 Desford 2, AFC Kirby Muxloe 1, Cottesmore Amateurs 0 Highfield Rangers 3, Dunton/Catterpillar 2 Barrow Town 1, FC Khalsa 3 Magna 2, Lutterworth Athletic Res. 1 Rugby Town Res. 4, Sileby Town 1 Aylestone Park Res. 0

LIVERPOOL COUNTY PREMIER LEAGUE PREMIER DIVISION

East Villa 1 Liverpool NALGO 1, FC Garston 0 Waterloo Dock 3, Halewood 3 Roby 1, MSB Wooton 1 Admiral Park 0, Old Xaverians 2 The Senator 2, Sefton Ath. 1 The Nayo 0

MANCHESTER LEAGUE PREM.

Chadderton Res. 4 Avro Res. 0, Springhead 2 Moorside 1, Uppermill 2 Royton Town 1

(table at Aug 13)	P	W	D	L	F	A	Pts
Chadderton Res.	1	1	0	0	4	0	3
Springhead	1	1	0	0	2	1	3
Uppermill	1	1	0	0	2	1	3
Atherton Town	1	0	1	0	1	1	1
Dukinfield Town	1	0	1	0	1	1	1
Heywood St James	1	0	1	0	1	1	1
Hindsford	1	0	1	0	1	1	1
Rochdale SH	1	0	1	0	1	1	1
Govan & University	1	0	1	0	1	1	1
Wythenshawe Amateurs	1	0	1	0	1	1	1
Walshaw Sports	1	0	1	0	1	1	1
Elton Vale	1	0	0	1	0	0	0
Royton Town	1	0	0	1	1	2	0
Moorside Rangers	1	0	0	1	1	2	0
Avro Res.	1	0	0	1	0	4	0
